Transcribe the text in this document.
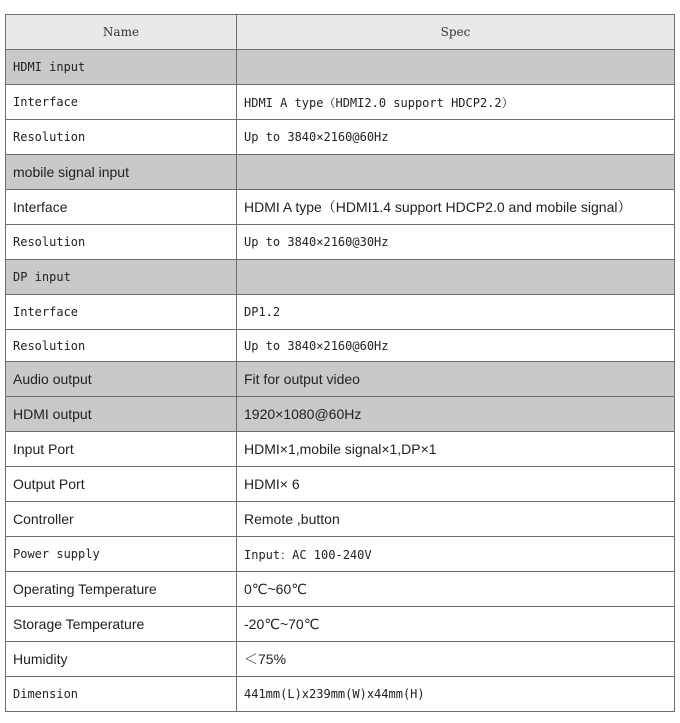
Name	Spec
HDMI input	
Interface	HDMI A type（HDMI2.0 support HDCP2.2）
Resolution	Up to 3840×2160@60Hz
mobile signal input	
Interface	HDMI A type（HDMI1.4 support HDCP2.0 and mobile signal）
Resolution	Up to 3840×2160@30Hz
DP input	
Interface	DP1.2
Resolution	Up to 3840×2160@60Hz
Audio output	Fit for output video
HDMI output	1920×1080@60Hz
Input Port	HDMI×1,mobile signal×1,DP×1
Output Port	HDMI× 6
Controller	Remote ,button
Power supply	Input：AC 100-240V
Operating Temperature	0℃~60℃
Storage Temperature	-20℃~70℃
Humidity	＜75%
Dimension	441mm(L)x239mm(W)x44mm(H)
